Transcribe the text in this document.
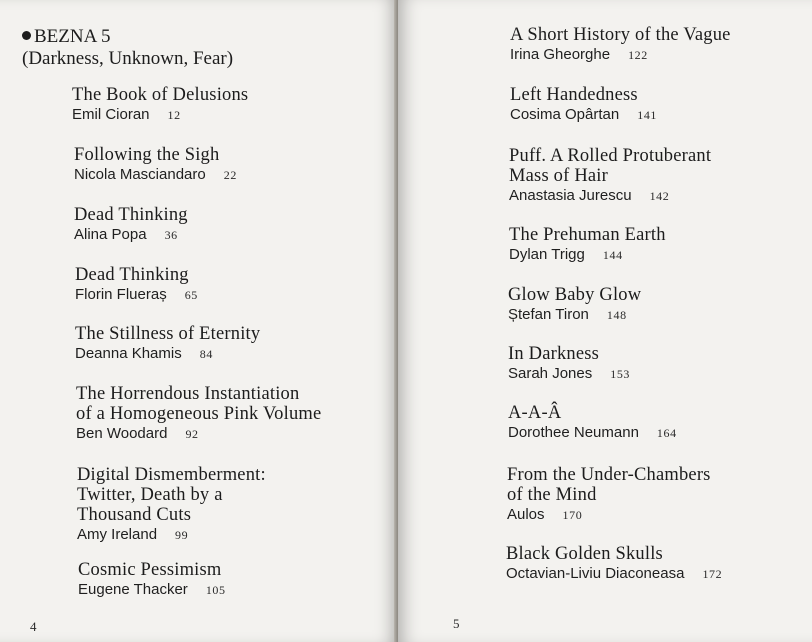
BEZNA 5
(Darkness, Unknown, Fear)
The Book of Delusions
Emil Cioran 12
Following the Sigh
Nicola Masciandaro 22
Dead Thinking
Alina Popa 36
Dead Thinking
Florin Flueraș 65
The Stillness of Eternity
Deanna Khamis 84
The Horrendous Instantiation
of a Homogeneous Pink Volume
Ben Woodard 92
Digital Dismemberment:
Twitter, Death by a
Thousand Cuts
Amy Ireland 99
Cosmic Pessimism
Eugene Thacker 105
4
A Short History of the Vague
Irina Gheorghe 122
Left Handedness
Cosima Opârtan 141
Puff. A Rolled Protuberant
Mass of Hair
Anastasia Jurescu 142
The Prehuman Earth
Dylan Trigg 144
Glow Baby Glow
Ștefan Tiron 148
In Darkness
Sarah Jones 153
A-A-Â
Dorothee Neumann 164
From the Under-Chambers
of the Mind
Aulos 170
Black Golden Skulls
Octavian-Liviu Diaconeasa 172
5
